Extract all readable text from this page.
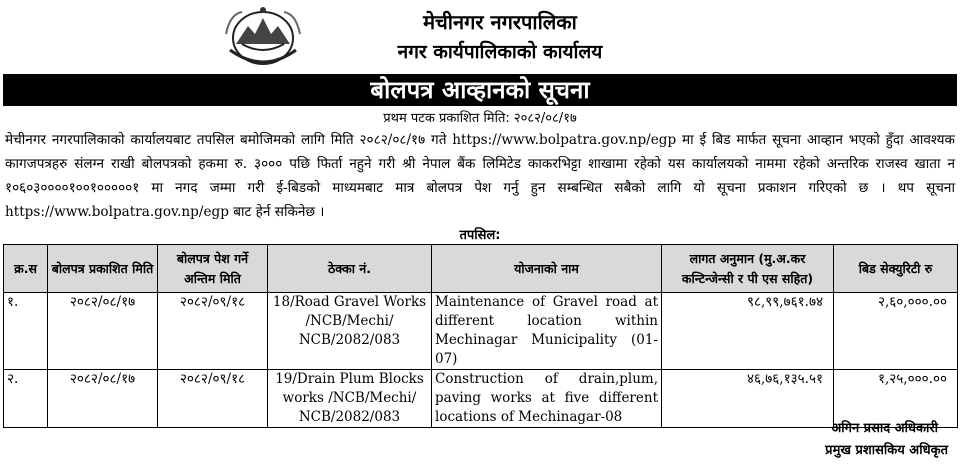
मेचीनगर नगरपालिका
नगर कार्यपालिकाको कार्यालय
बोलपत्र आव्हानको सूचना
प्रथम पटक प्रकाशित मिति: २०८२/०८/१७

मेचीनगर नगरपालिकाको कार्यालयबाट तपसिल बमोजिमको लागि मिति २०८२/०८/१७ गते https://www.bolpatra.gov.np/egp मा ई बिड मार्फत सूचना आव्हान भएको हुँदा आवश्यक कागजपत्रहरु संलग्न राखी बोलपत्रको हकमा रु. ३००० पछि फिर्ता नहुने गरी श्री नेपाल बैंक लिमिटेड काकरभिट्टा शाखामा रहेको यस कार्यालयको नाममा रहेको अन्तरिक राजस्व खाता न १०६०३००००१००१०००००१ मा नगद जम्मा गरी ई-बिडको माध्यमबाट मात्र बोलपत्र पेश गर्नु हुन सम्बन्धित सबैको लागि यो सूचना प्रकाशन गरिएको छ । थप सूचना https://www.bolpatra.gov.np/egp बाट हेर्न सकिनेछ ।

तपसिल:
क्र.स	बोलपत्र प्रकाशित मिति	बोलपत्र पेश गर्ने अन्तिम मिति	ठेक्का नं.	योजनाको नाम	लागत अनुमान (मु.अ.कर कन्टिन्जेन्सी र पी एस सहित)	बिड सेक्युरिटी रु
१.	२०८२/०८/१७	२०८२/०९/१८	18/Road Gravel Works /NCB/Mechi/ NCB/2082/083	Maintenance of Gravel road at different location within Mechinagar Municipality (01-07)	९८,९९,७६१.७४	२,६०,०००.००
२.	२०८२/०८/१७	२०८२/०९/१८	19/Drain Plum Blocks works /NCB/Mechi/ NCB/2082/083	Construction of drain,plum, paving works at five different locations of Mechinagar-08	४६,७६,१३५.५१	१,२५,०००.००
अगिन प्रसाद अधिकारी
प्रमुख प्रशासकिय अधिकृत
